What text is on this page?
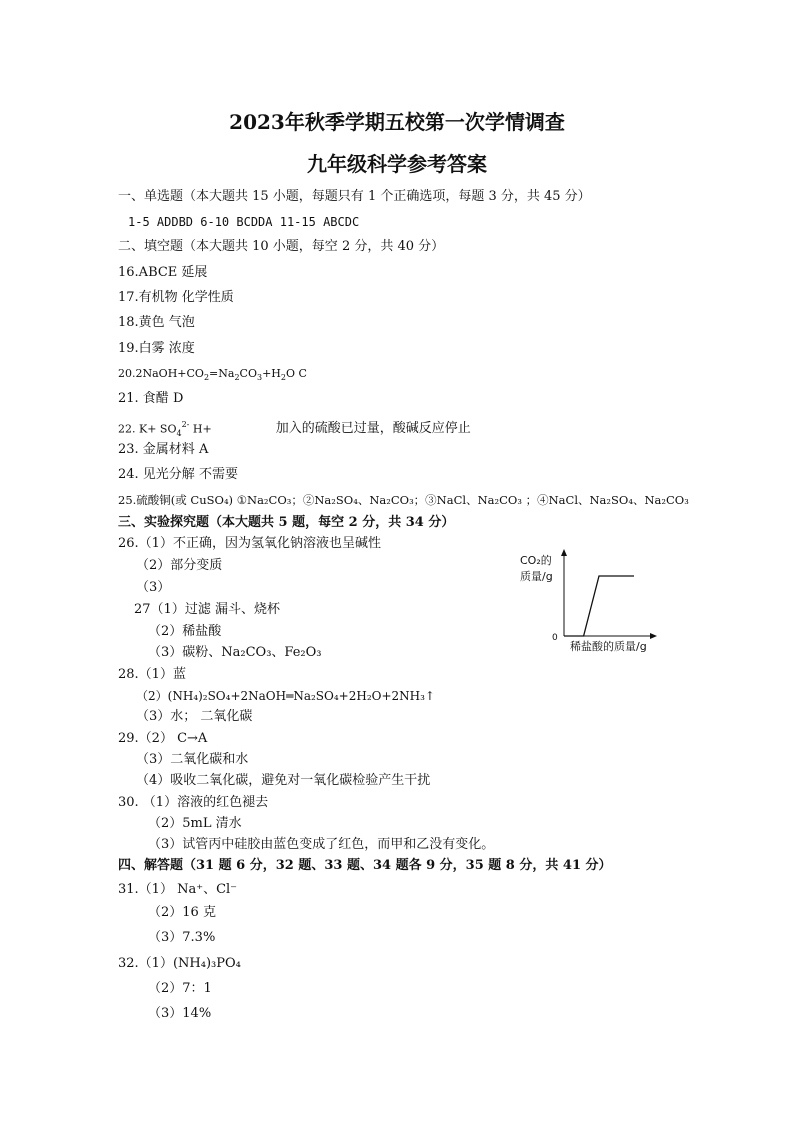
2023年秋季学期五校第一次学情调查
九年级科学参考答案
一、单选题（本大题共 15 小题，每题只有 1 个正确选项，每题 3 分，共 45 分）
1-5 ADDBD 6-10 BCDDA 11-15 ABCDC
二、填空题（本大题共 10 小题，每空 2 分，共 40 分）
16.ABCE 延展
17.有机物 化学性质
18.黄色 气泡
19.白雾 浓度
$20.2NaOH+CO_2=Na_2CO_3+H_2O$ C
21. 食醋 D
22. $K+ SO_4^{2-}$ H+	加入的硫酸已过量，酸碱反应停止
23. 金属材料 A
24. 见光分解 不需要
25.硫酸铜(或 CuSO₄) ①Na₂CO₃；②Na₂SO₄、Na₂CO₃；③NaCl、Na₂CO₃ ；④NaCl、Na₂SO₄、Na₂CO₃
三、实验探究题（本大题共 5 题，每空 2 分，共 34 分）
26.（1）不正确，因为氢氧化钠溶液也呈碱性
（2）部分变质
（3）
27（1）过滤 漏斗、烧杯
（2）稀盐酸
（3）碳粉、Na₂CO₃、Fe₂O₃
28.（1）蓝
（2）(NH₄)₂SO₄+2NaOH═Na₂SO₄+2H₂O+2NH₃↑
（3）水； 二氧化碳
29.（2） C→A
（3）二氧化碳和水
（4）吸收二氧化碳，避免对一氧化碳检验产生干扰
30. （1）溶液的红色褪去
（2）5mL 清水
（3）试管丙中硅胶由蓝色变成了红色，而甲和乙没有变化。
四、解答题（31 题 6 分，32 题、33 题、34 题各 9 分，35 题 8 分，共 41 分）
31.（1） Na⁺、Cl⁻
（2）16 克
（3）7.3%
32.（1）(NH₄)₃PO₄
（2）7：1
（3）14%
CO₂的
质量/g
0
稀盐酸的质量/g
